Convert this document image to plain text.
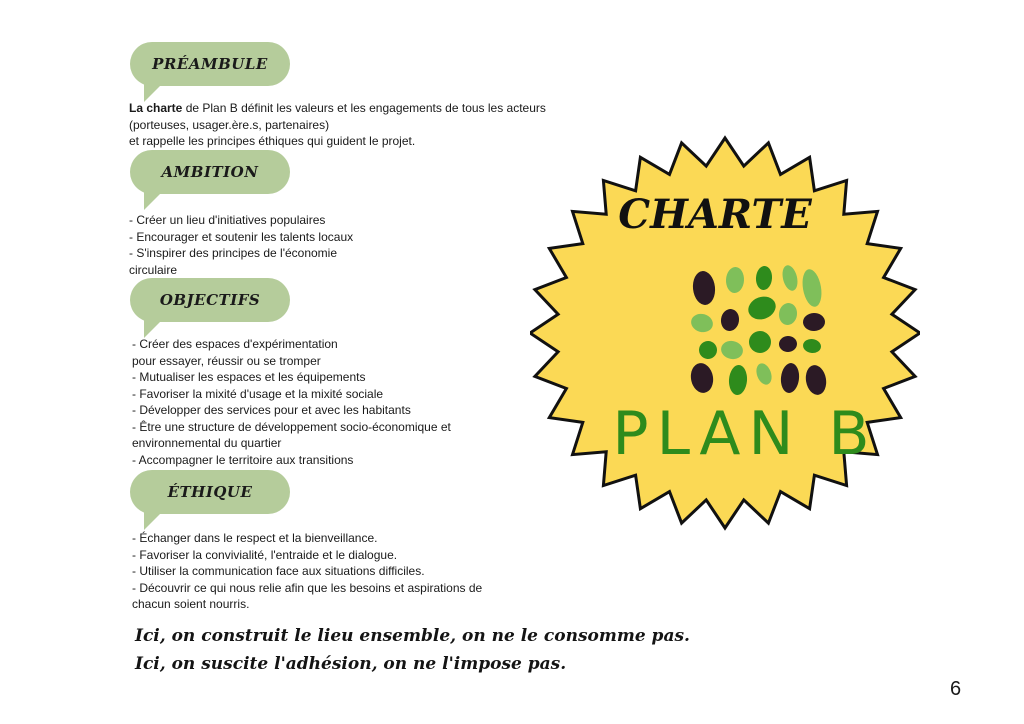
PRÉAMBULE
La charte de Plan B définit les valeurs et les engagements de tous les acteurs
(porteuses, usager.ère.s, partenaires)
et rappelle les principes éthiques qui guident le projet.
AMBITION
- Créer un lieu d'initiatives populaires
- Encourager et soutenir les talents locaux
- S'inspirer des principes de l'économie
circulaire
OBJECTIFS
- Créer des espaces d'expérimentation
pour essayer, réussir ou se tromper
- Mutualiser les espaces et les équipements
- Favoriser la mixité d'usage et la mixité sociale
- Développer des services pour et avec les habitants
- Être une structure de développement socio-économique et
environnemental du quartier
- Accompagner le territoire aux transitions
ÉTHIQUE
- Échanger dans le respect et la bienveillance.
- Favoriser la convivialité, l'entraide et le dialogue.
- Utiliser la communication face aux situations difficiles.
- Découvrir ce qui nous relie afin que les besoins et aspirations de
chacun soient nourris.
Ici, on construit le lieu ensemble, on ne le consomme pas.
Ici, on suscite l'adhésion, on ne l'impose pas.
CHARTE
PLAN B
6
